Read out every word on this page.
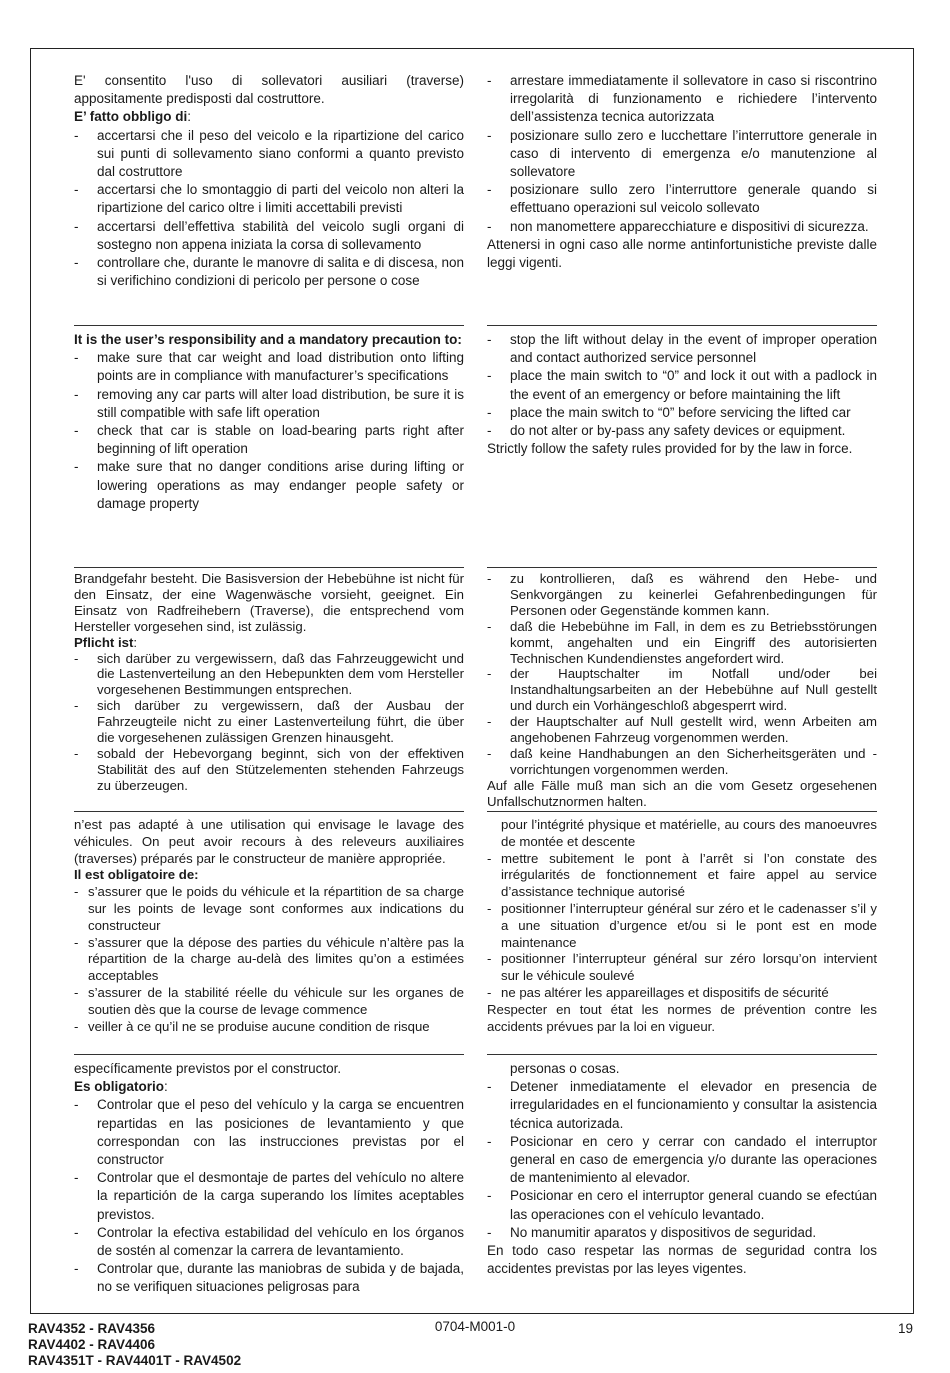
E' consentito l'uso di sollevatori ausiliari (traverse) appositamente predisposti dal costruttore.

E’ fatto obbligo di:

- accertarsi che il peso del veicolo e la ripartizione del carico sui punti di sollevamento siano conformi a quanto previsto dal costruttore
- accertarsi che lo smontaggio di parti del veicolo non alteri la ripartizione del carico oltre i limiti accettabili previsti
- accertarsi dell’effettiva stabilità del veicolo sugli organi di sostegno non appena iniziata la corsa di sollevamento
- controllare che, durante le manovre di salita e di discesa, non si verifichino condizioni di pericolo per persone o cose
- arrestare immediatamente il sollevatore in caso si riscontrino irregolarità di funzionamento e richiedere l’intervento dell’assistenza tecnica autorizzata
- posizionare sullo zero e lucchettare l’interruttore generale in caso di intervento di emergenza e/o manutenzione al sollevatore
- posizionare sullo zero l’interruttore generale quando si effettuano operazioni sul veicolo sollevato
- non manomettere apparecchiature e dispositivi di sicurezza.

Attenersi in ogni caso alle norme antinfortunistiche previste dalle leggi vigenti.

It is the user’s responsibility and a mandatory precaution to:

- make sure that car weight and load distribution onto lifting points are in compliance with manufacturer’s specifications
- removing any car parts will alter load distribution, be sure it is still compatible with safe lift operation
- check that car is stable on load-bearing parts right after beginning of lift operation
- make sure that no danger conditions arise during lifting or lowering operations as may endanger people safety or damage property
- stop the lift without delay in the event of improper operation and contact authorized service personnel
- place the main switch to “0” and lock it out with a padlock in the event of an emergency or before maintaining the lift
- place the main switch to “0” before servicing the lifted car
- do not alter or by-pass any safety devices or equipment.

Strictly follow the safety rules provided for by the law in force.

Brandgefahr besteht. Die Basisversion der Hebebühne ist nicht für den Einsatz, der eine Wagenwäsche vorsieht, geeignet. Ein Einsatz von Radfreihebern (Traverse), die entsprechend vom Hersteller vorgesehen sind, ist zulässig.

Pflicht ist:

- sich darüber zu vergewissern, daß das Fahrzeuggewicht und die Lastenverteilung an den Hebepunkten dem vom Hersteller vorgesehenen Bestimmungen entsprechen.
- sich darüber zu vergewissern, daß der Ausbau der Fahrzeugteile nicht zu einer Lastenverteilung führt, die über die vorgesehenen zulässigen Grenzen hinausgeht.
- sobald der Hebevorgang beginnt, sich von der effektiven Stabilität des auf den Stützelementen stehenden Fahrzeugs zu überzeugen.
- zu kontrollieren, daß es während den Hebe- und Senkvorgängen zu keinerlei Gefahrenbedingungen für Personen oder Gegenstände kommen kann.
- daß die Hebebühne im Fall, in dem es zu Betriebsstörungen kommt, angehalten und ein Eingriff des autorisierten Technischen Kundendienstes angefordert wird.
- der Hauptschalter im Notfall und/oder bei Instandhaltungsarbeiten an der Hebebühne auf Null gestellt und durch ein Vorhängeschloß abgesperrt wird.
- der Hauptschalter auf Null gestellt wird, wenn Arbeiten am angehobenen Fahrzeug vorgenommen werden.
- daß keine Handhabungen an den Sicherheitsgeräten und -vorrichtungen vorgenommen werden.

Auf alle Fälle muß man sich an die vom Gesetz orgesehenen Unfallschutznormen halten.

n’est pas adapté à une utilisation qui envisage le lavage des véhicules. On peut avoir recours à des releveurs auxiliaires (traverses) préparés par le constructeur de manière appropriée.

Il est obligatoire de:

- s’assurer que le poids du véhicule et la répartition de sa charge sur les points de levage sont conformes aux indications du constructeur
- s’assurer que la dépose des parties du véhicule n’altère pas la répartition de la charge au-delà des limites qu’on a estimées acceptables
- s’assurer de la stabilité réelle du véhicule sur les organes de soutien dès que la course de levage commence
- veiller à ce qu’il ne se produise aucune condition de risque

pour l’intégrité physique et matérielle, au cours des manoeuvres de montée et descente

- mettre subitement le pont à l’arrêt si l’on constate des irrégularités de fonctionnement et faire appel au service d’assistance technique autorisé
- positionner l’interrupteur général sur zéro et le cadenasser s’il y a une situation d’urgence et/ou si le pont est en mode maintenance
- positionner l’interrupteur général sur zéro lorsqu’on intervient sur le véhicule soulevé
- ne pas altérer les appareillages et dispositifs de sécurité

Respecter en tout état les normes de prévention contre les accidents prévues par la loi en vigueur.

específicamente previstos por el constructor.

Es obligatorio:

- Controlar que el peso del vehículo y la carga se encuentren repartidas en las posiciones de levantamiento y que correspondan con las instrucciones previstas por el constructor
- Controlar que el desmontaje de partes del vehículo no altere la repartición de la carga superando los límites aceptables previstos.
- Controlar la efectiva estabilidad del vehículo en los órganos de sostén al comenzar la carrera de levantamiento.
- Controlar que, durante las maniobras de subida y de bajada, no se verifiquen situaciones peligrosas para

personas o cosas.

- Detener inmediatamente el elevador en presencia de irregularidades en el funcionamiento y consultar la asistencia técnica autorizada.
- Posicionar en cero y cerrar con candado el interruptor general en caso de emergencia y/o durante las operaciones de mantenimiento al elevador.
- Posicionar en cero el interruptor general cuando se efectúan las operaciones con el vehículo levantado.
- No manumitir aparatos y dispositivos de seguridad.

En todo caso respetar las normas de seguridad contra los accidentes previstas por las leyes vigentes.

RAV4352 - RAV4356
RAV4402 - RAV4406
RAV4351T - RAV4401T - RAV4502
0704-M001-0	19
